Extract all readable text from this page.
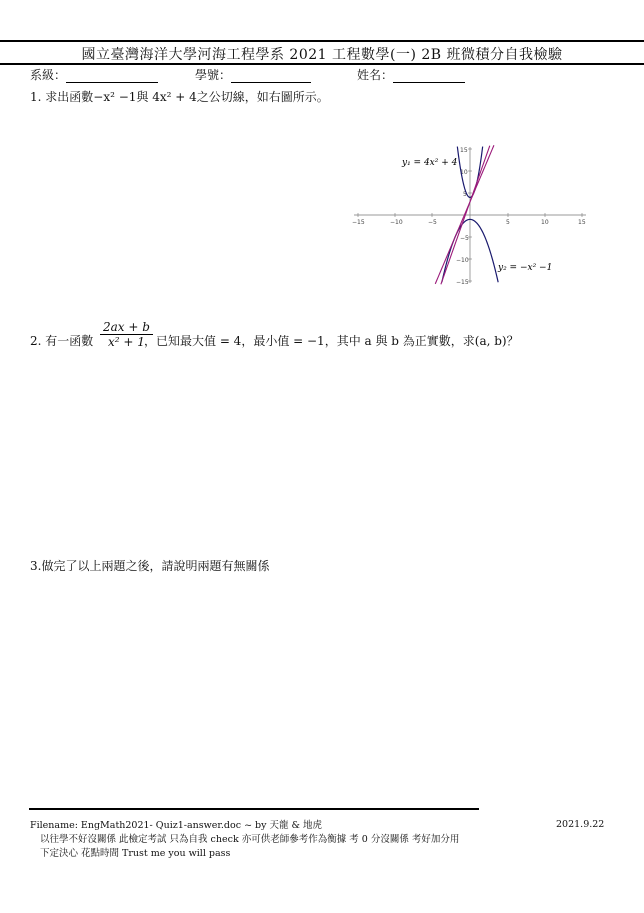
國立臺灣海洋大學河海工程學系 2021 工程數學(一) 2B 班微積分自我檢驗
系級：	學號：	姓名：
1. 求出函數−x² −1與 4x² + 4之公切線，如右圖所示。
−15	−10	−5	5	10	15
15
10
5
−5
−10
−15
y₁ = 4x² + 4
y₂ = −x² −1
2. 有一函數 $\frac{2ax + b}{\text{x² + 1}}$
，已知最大值 = 4，最小值 = −1，其中 a 與 b 為正實數，求(a, b)？
3.做完了以上兩題之後，請說明兩題有無關係
Filename: EngMath2021- Quiz1-answer.doc ~ by 天龍 & 地虎
以往學不好沒關係 此檢定考試 只為自我 check 亦可供老師參考作為衡據 考 0 分沒關係 考好加分用
下定決心 花點時間 Trust me you will pass
2021.9.22
